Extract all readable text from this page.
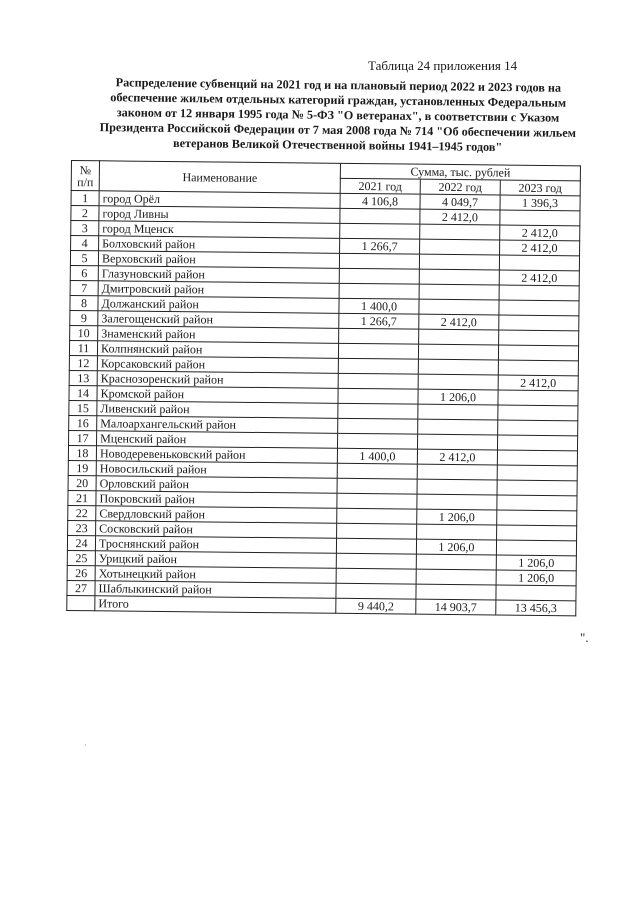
Таблица 24 приложения 14
Распределение субвенций на 2021 год и на плановый период 2022 и 2023 годов на
обеспечение жильем отдельных категорий граждан, установленных Федеральным
законом от 12 января 1995 года № 5-ФЗ "О ветеранах", в соответствии с Указом
Президента Российской Федерации от 7 мая 2008 года № 714 "Об обеспечении жильем
ветеранов Великой Отечественной войны 1941–1945 годов"
№ п/п	Наименование	Сумма, тыс. рублей		
		2021 год	2022 год	2023 год
1	город Орёл	4 106,8	4 049,7	1 396,3
2	город Ливны		2 412,0	
3	город Мценск			2 412,0
4	Болховский район	1 266,7		2 412,0
5	Верховский район			
6	Глазуновский район			2 412,0
7	Дмитровский район			
8	Должанский район	1 400,0		
9	Залегощенский район	1 266,7	2 412,0	
10	Знаменский район			
11	Колпнянский район			
12	Корсаковский район			
13	Краснозоренский район			2 412,0
14	Кромской район		1 206,0	
15	Ливенский район			
16	Малоархангельский район			
17	Мценский район			
18	Новодеревеньковский район	1 400,0	2 412,0	
19	Новосильский район			
20	Орловский район			
21	Покровский район			
22	Свердловский район		1 206,0	
23	Сосковский район			
24	Троснянский район		1 206,0	
25	Урицкий район			1 206,0
26	Хотынецкий район			1 206,0
27	Шаблыкинский район			
	Итого	9 440,2	14 903,7	13 456,3
".
·
